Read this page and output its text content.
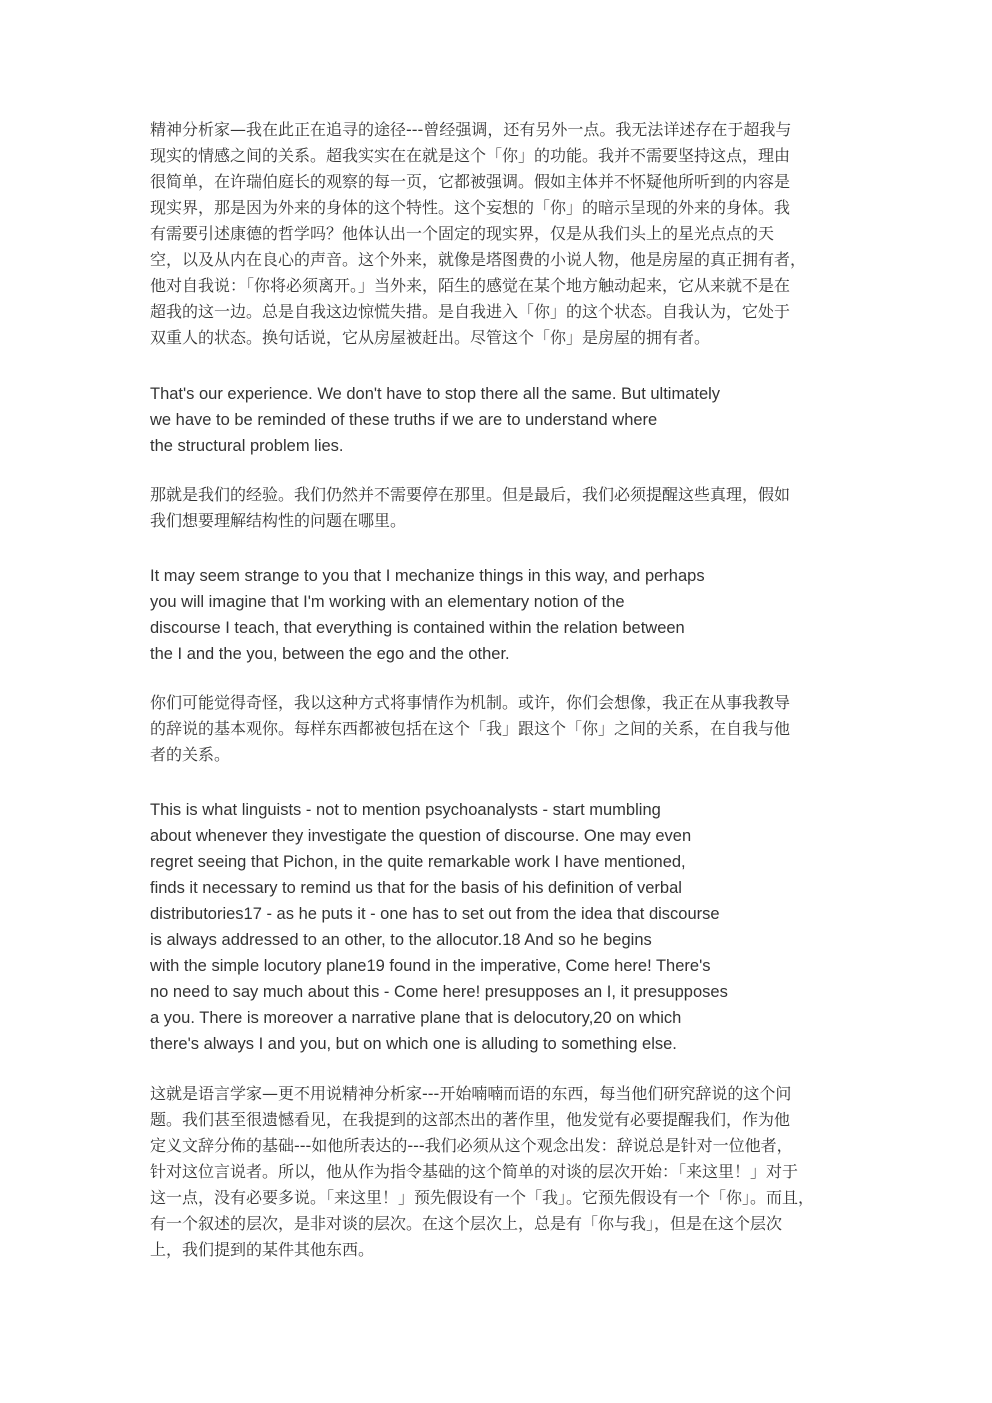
精神分析家—我在此正在追寻的途径---曾经强调，还有另外一点。我无法详述存在于超我与
现实的情感之间的关系。超我实实在在就是这个「你」的功能。我并不需要坚持这点，理由
很简单，在许瑞伯庭长的观察的每一页，它都被强调。假如主体并不怀疑他所听到的内容是
现实界，那是因为外来的身体的这个特性。这个妄想的「你」的暗示呈现的外来的身体。我
有需要引述康德的哲学吗？他体认出一个固定的现实界，仅是从我们头上的星光点点的天
空，以及从内在良心的声音。这个外来，就像是塔图费的小说人物，他是房屋的真正拥有者，
他对自我说：「你将必须离开。」当外来，陌生的感觉在某个地方触动起来，它从来就不是在
超我的这一边。总是自我这边惊慌失措。是自我进入「你」的这个状态。自我认为，它处于
双重人的状态。换句话说，它从房屋被赶出。尽管这个「你」是房屋的拥有者。

That's our experience. We don't have to stop there all the same. But ultimately
we have to be reminded of these truths if we are to understand where
the structural problem lies.

那就是我们的经验。我们仍然并不需要停在那里。但是最后，我们必须提醒这些真理，假如
我们想要理解结构性的问题在哪里。

It may seem strange to you that I mechanize things in this way, and perhaps
you will imagine that I'm working with an elementary notion of the
discourse I teach, that everything is contained within the relation between
the I and the you, between the ego and the other.

你们可能觉得奇怪，我以这种方式将事情作为机制。或许，你们会想像，我正在从事我教导
的辞说的基本观你。每样东西都被包括在这个「我」跟这个「你」之间的关系，在自我与他
者的关系。

This is what linguists - not to mention psychoanalysts - start mumbling
about whenever they investigate the question of discourse. One may even
regret seeing that Pichon, in the quite remarkable work I have mentioned,
finds it necessary to remind us that for the basis of his definition of verbal
distributories17 - as he puts it - one has to set out from the idea that discourse
is always addressed to an other, to the allocutor.18 And so he begins
with the simple locutory plane19 found in the imperative, Come here! There's
no need to say much about this - Come here! presupposes an I, it presupposes
a you. There is moreover a narrative plane that is delocutory,20 on which
there's always I and you, but on which one is alluding to something else.

这就是语言学家—更不用说精神分析家---开始喃喃而语的东西，每当他们研究辞说的这个问
题。我们甚至很遗憾看见，在我提到的这部杰出的著作里，他发觉有必要提醒我们，作为他
定义文辞分佈的基础---如他所表达的---我们必须从这个观念出发：辞说总是针对一位他者，
针对这位言说者。所以，他从作为指令基础的这个简单的对谈的层次开始：「来这里！」对于
这一点，没有必要多说。「来这里！」预先假设有一个「我」。它预先假设有一个「你」。而且，
有一个叙述的层次，是非对谈的层次。在这个层次上，总是有「你与我」，但是在这个层次
上，我们提到的某件其他东西。
